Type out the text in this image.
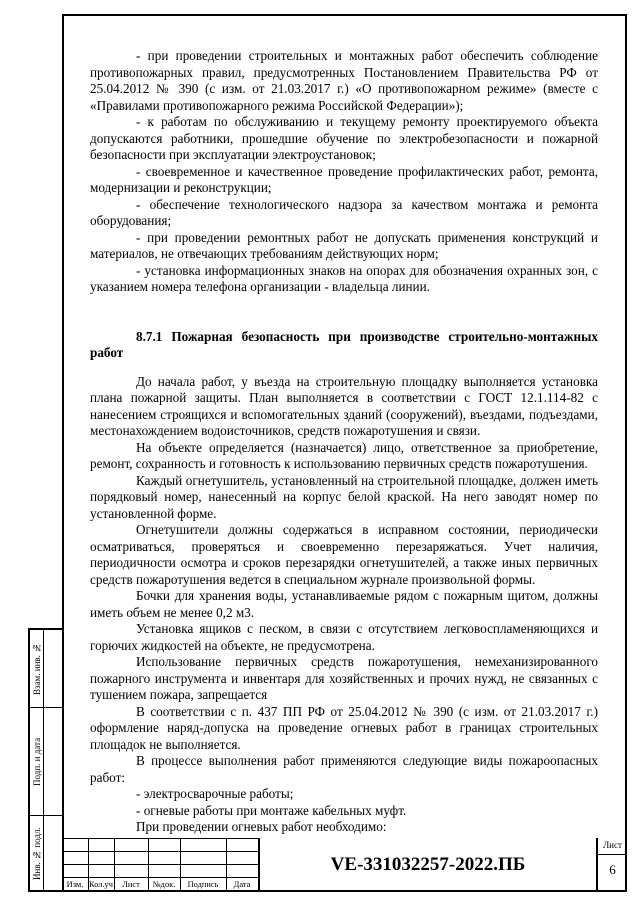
Взам. инв. №
Подп. и дата
Инв. № подл.

- при проведении строительных и монтажных работ обеспечить соблюдение противопожарных правил, предусмотренных Постановлением Правительства РФ от 25.04.2012 № 390 (с изм. от 21.03.2017 г.) «О противопожарном режиме» (вместе с «Правилами противопожарного режима Российской Федерации»);

- к работам по обслуживанию и текущему ремонту проектируемого объекта допускаются работники, прошедшие обучение по электробезопасности и пожарной безопасности при эксплуатации электроустановок;

- своевременное и качественное проведение профилактических работ, ремонта, модернизации и реконструкции;

- обеспечение технологического надзора за качеством монтажа и ремонта оборудования;

- при проведении ремонтных работ не допускать применения конструкций и материалов, не отвечающих требованиям действующих норм;

- установка информационных знаков на опорах для обозначения охранных зон, с указанием номера телефона организации - владельца линии.

8.7.1 Пожарная безопасность при производстве строительно-монтажных работ

До начала работ, у въезда на строительную площадку выполняется установка плана пожарной защиты. План выполняется в соответствии с ГОСТ 12.1.114-82 с нанесением строящихся и вспомогательных зданий (сооружений), въездами, подъездами, местонахождением водоисточников, средств пожаротушения и связи.

На объекте определяется (назначается) лицо, ответственное за приобретение, ремонт, сохранность и готовность к использованию первичных средств пожаротушения.

Каждый огнетушитель, установленный на строительной площадке, должен иметь порядковый номер, нанесенный на корпус белой краской. На него заводят номер по установленной форме.

Огнетушители должны содержаться в исправном состоянии, периодически осматриваться, проверяться и своевременно перезаряжаться. Учет наличия, периодичности осмотра и сроков перезарядки огнетушителей, а также иных первичных средств пожаротушения ведется в специальном журнале произвольной формы.

Бочки для хранения воды, устанавливаемые рядом с пожарным щитом, должны иметь объем не менее 0,2 м3.

Установка ящиков с песком, в связи с отсутствием легковоспламеняющихся и горючих жидкостей на объекте, не предусмотрена.

Использование первичных средств пожаротушения, немеханизированного пожарного инструмента и инвентаря для хозяйственных и прочих нужд, не связанных с тушением пожара, запрещается

В соответствии с п. 437 ПП РФ от 25.04.2012 № 390 (с изм. от 21.03.2017 г.) оформление наряд-допуска на проведение огневых работ в границах строительных площадок не выполняется.

В процессе выполнения работ применяются следующие виды пожароопасных работ:

- электросварочные работы;

- огневые работы при монтаже кабельных муфт.

При проведении огневых работ необходимо:

Изм. Кол.уч	Лист	№док.	Подпись	Дата
VE-331032257-2022.ПБ
Лист
6
